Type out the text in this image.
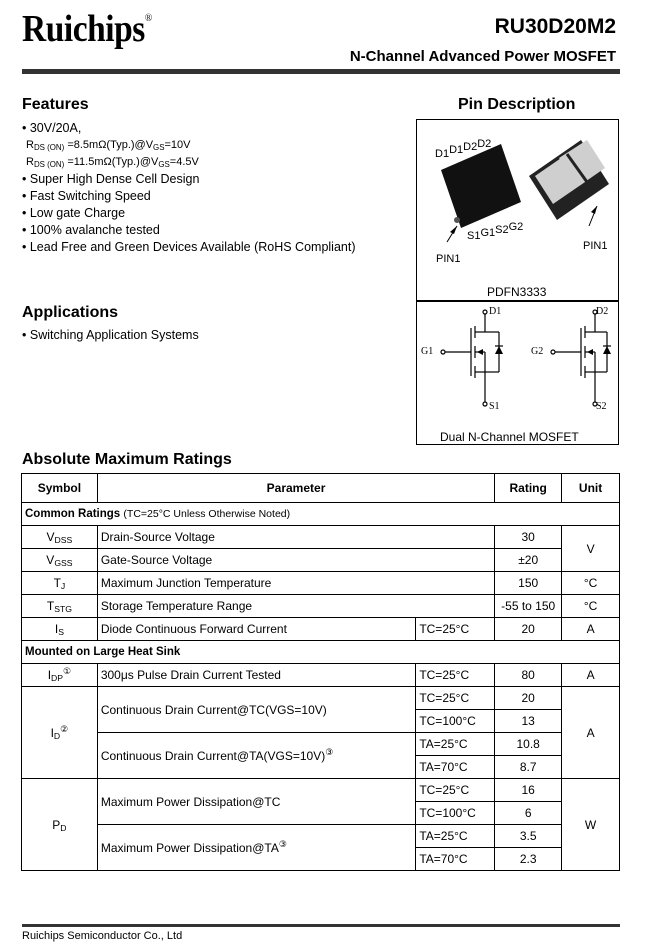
Ruichips®	RU30D20M2
N-Channel Advanced Power MOSFET
Features
• 30V/20A,
$R_{DS (ON)}$ $=8.5m\Omega(Typ.)@V_{GS}=10V$
$R_{DS (ON)}$ $=11.5m\Omega(Typ.)@V_{GS}=4.5V$
• Super High Dense Cell Design
• Fast Switching Speed
• Low gate Charge
• 100% avalanche tested
• Lead Free and Green Devices Available (RoHS Compliant)
Applications
• Switching Application Systems
Pin Description
D1D1D2D2
S1G1S2G2
PIN1
PIN1
PDFN3333
D1
G1
S1
D2
G2
S2
Dual N-Channel MOSFET
Absolute Maximum Ratings
Symbol	Parameter		Rating	Unit
Common Ratings (TC=25°C Unless Otherwise Noted)				
$V_{DSS}$	Drain-Source Voltage		30	V
$V_{GSS}$	Gate-Source Voltage		±20	
$T_J$	Maximum Junction Temperature		150	°C
$T_{STG}$	Storage Temperature Range		-55 to 150	°C
$I_S$	Diode Continuous Forward Current	TC=25°C	20	A
Mounted on Large Heat Sink				
$I_{DP}^①$	300μs Pulse Drain Current Tested	TC=25°C	80	A
$I_D^②$	Continuous Drain Current@TC(VGS=10V)	TC=25°C	20	A
		TC=100°C	13	
	Continuous Drain Current@TA(VGS=10V)③	TA=25°C	10.8	
		TA=70°C	8.7	
$P_D$	Maximum Power Dissipation@TC	TC=25°C	16	W
		TC=100°C	6	
	Maximum Power Dissipation@TA③	TA=25°C	3.5	
		TA=70°C	2.3	
Ruichips Semiconductor Co., Ltd
